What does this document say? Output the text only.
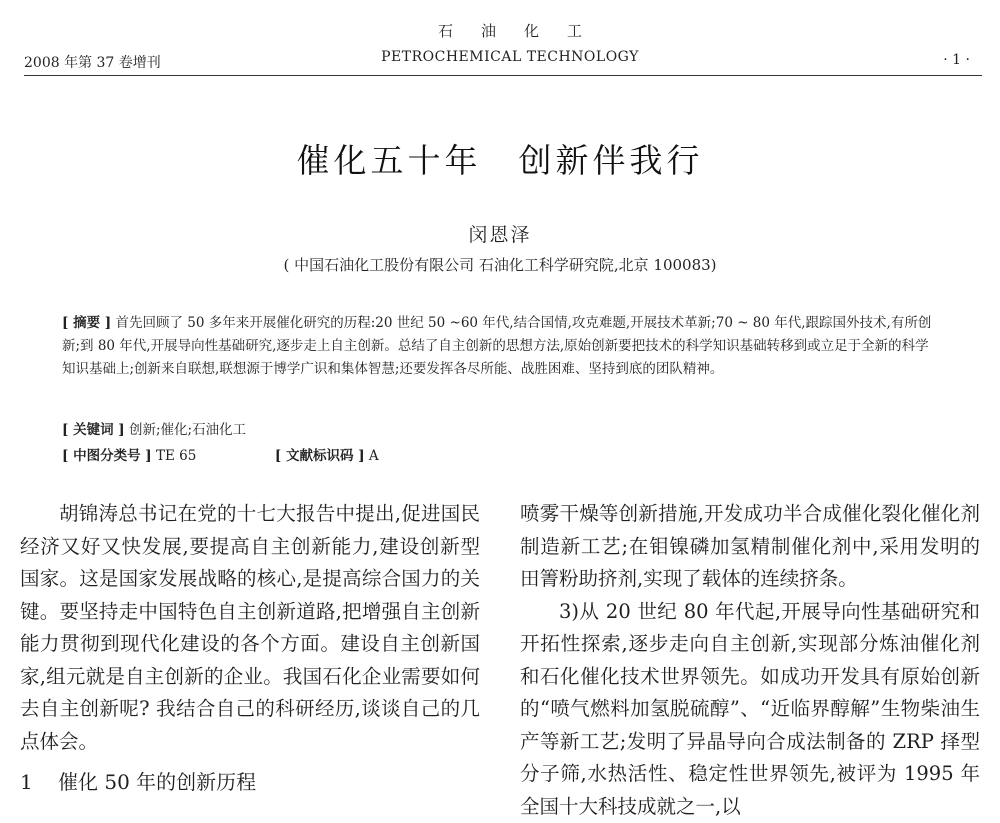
2008 年第 37 卷增刊
石油化工
PETROCHEMICAL TECHNOLOGY	· 1 ·
催化五十年　创新伴我行
闵恩泽
( 中国石油化工股份有限公司 石油化工科学研究院,北京 100083)
[ 摘要 ] 首先回顾了 50 多年来开展催化研究的历程:20 世纪 50 ~60 年代,结合国情,攻克难题,开展技术革新;70 ~ 80 年代,跟踪国外技术,有所创新;到 80 年代,开展导向性基础研究,逐步走上自主创新。总结了自主创新的思想方法,原始创新要把技术的科学知识基础转移到或立足于全新的科学知识基础上;创新来自联想,联想源于博学广识和集体智慧;还要发挥各尽所能、战胜困难、坚持到底的团队精神。
[ 关键词 ] 创新;催化;石油化工
[ 中图分类号 ] TE 65	[ 文献标识码 ] A

胡锦涛总书记在党的十七大报告中提出,促进国民经济又好又快发展,要提高自主创新能力,建设创新型国家。这是国家发展战略的核心,是提高综合国力的关键。要坚持走中国特色自主创新道路,把增强自主创新能力贯彻到现代化建设的各个方面。建设自主创新国家,组元就是自主创新的企业。我国石化企业需要如何去自主创新呢? 我结合自己的科研经历,谈谈自己的几点体会。

1 催化 50 年的创新历程

喷雾干燥等创新措施,开发成功半合成催化裂化催化剂制造新工艺;在钼镍磷加氢精制催化剂中,采用发明的田箐粉助挤剂,实现了载体的连续挤条。

3)从 20 世纪 80 年代起,开展导向性基础研究和开拓性探索,逐步走向自主创新,实现部分炼油催化剂和石化催化技术世界领先。如成功开发具有原始创新的“喷气燃料加氢脱硫醇”、“近临界醇解”生物柴油生产等新工艺;发明了异晶导向合成法制备的 ZRP 择型分子筛,水热活性、稳定性世界领先,被评为 1995 年全国十大科技成就之一,以
